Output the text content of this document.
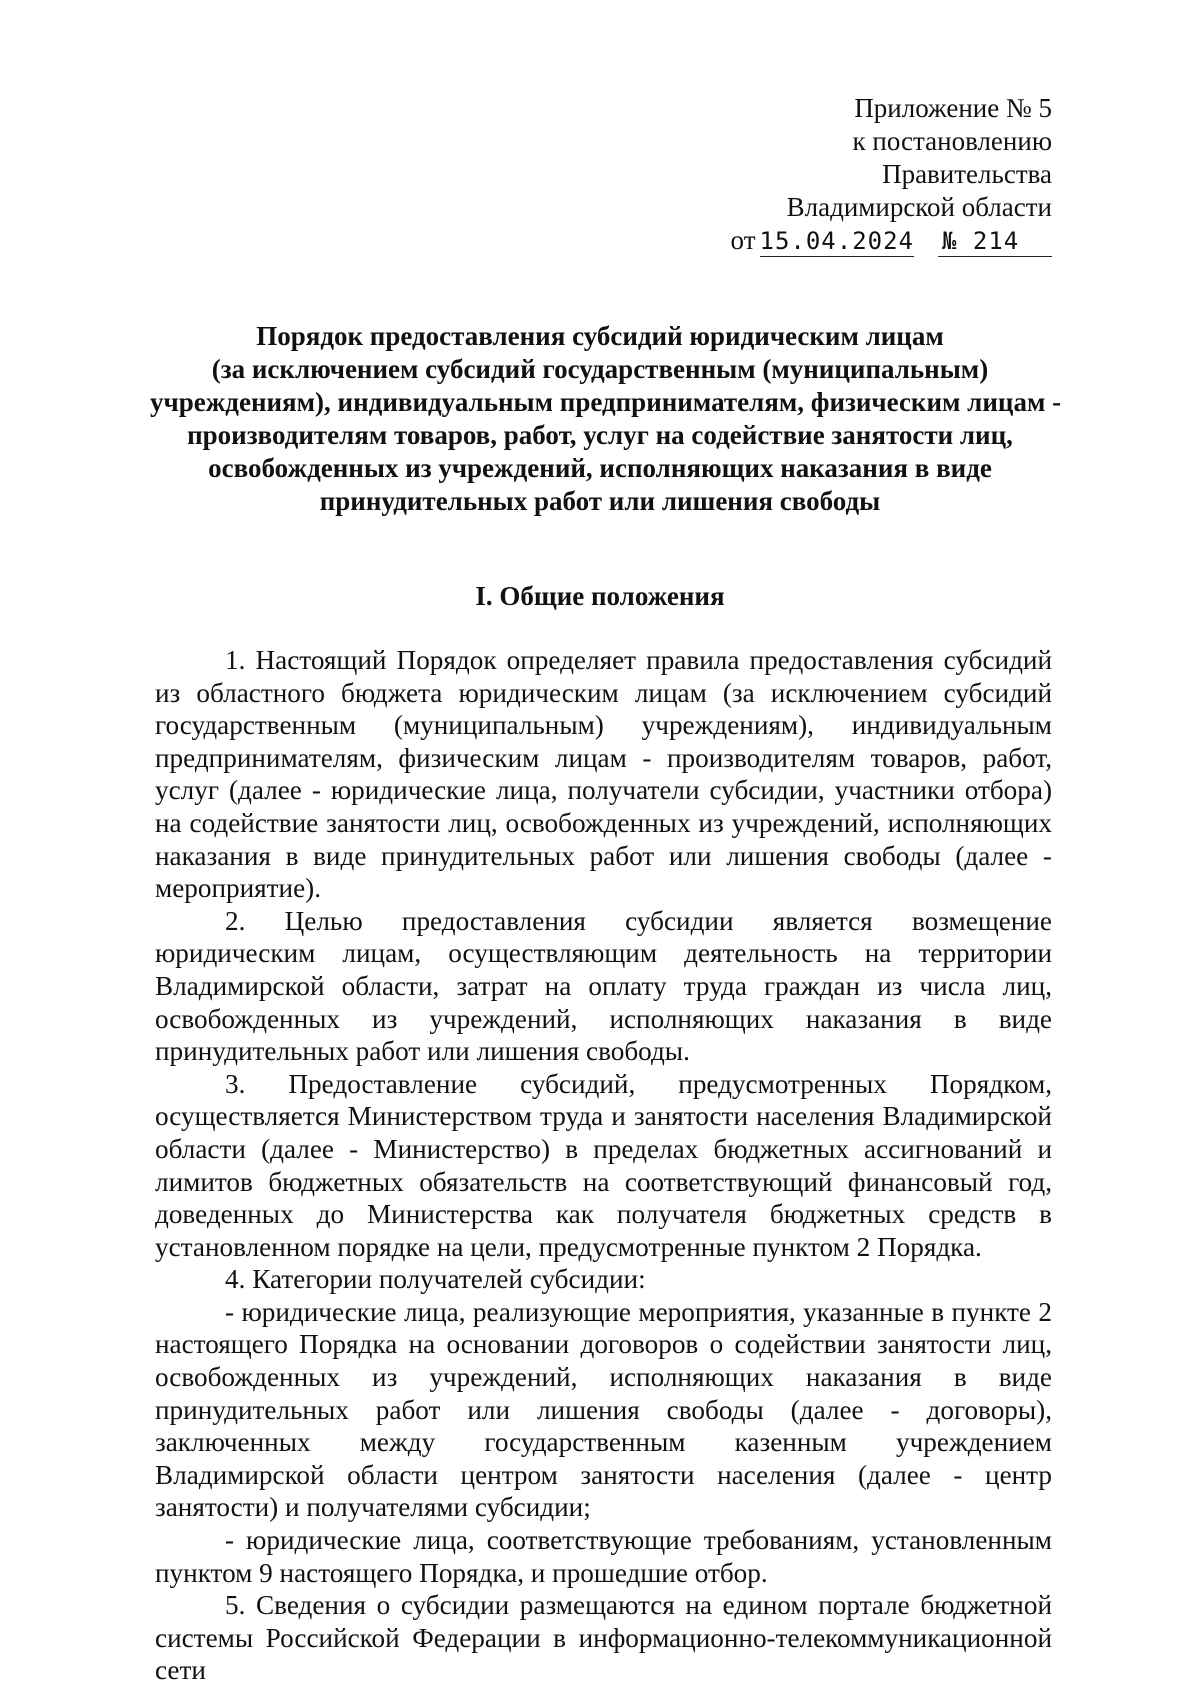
Приложение № 5
к постановлению
Правительства
Владимирской области
от 15.04.2024 № 214
Порядок предоставления субсидий юридическим лицам
(за исключением субсидий государственным (муниципальным)
учреждениям), индивидуальным предпринимателям, физическим лицам -
производителям товаров, работ, услуг на содействие занятости лиц,
освобожденных из учреждений, исполняющих наказания в виде
принудительных работ или лишения свободы
I. Общие положения

1. Настоящий Порядок определяет правила предоставления субсидий из областного бюджета юридическим лицам (за исключением субсидий государственным (муниципальным) учреждениям), индивидуальным предпринимателям, физическим лицам - производителям товаров, работ, услуг (далее - юридические лица, получатели субсидии, участники отбора) на содействие занятости лиц, освобожденных из учреждений, исполняющих наказания в виде принудительных работ или лишения свободы (далее - мероприятие).

2. Целью предоставления субсидии является возмещение юридическим лицам, осуществляющим деятельность на территории Владимирской области, затрат на оплату труда граждан из числа лиц, освобожденных из учреждений, исполняющих наказания в виде принудительных работ или лишения свободы.

3. Предоставление субсидий, предусмотренных Порядком, осуществляется Министерством труда и занятости населения Владимирской области (далее - Министерство) в пределах бюджетных ассигнований и лимитов бюджетных обязательств на соответствующий финансовый год, доведенных до Министерства как получателя бюджетных средств в установленном порядке на цели, предусмотренные пунктом 2 Порядка.

4. Категории получателей субсидии:

- юридические лица, реализующие мероприятия, указанные в пункте 2 настоящего Порядка на основании договоров о содействии занятости лиц, освобожденных из учреждений, исполняющих наказания в виде принудительных работ или лишения свободы (далее - договоры), заключенных между государственным казенным учреждением Владимирской области центром занятости населения (далее - центр занятости) и получателями субсидии;

- юридические лица, соответствующие требованиям, установленным пунктом 9 настоящего Порядка, и прошедшие отбор.

5. Сведения о субсидии размещаются на едином портале бюджетной системы Российской Федерации в информационно-телекоммуникационной сети
